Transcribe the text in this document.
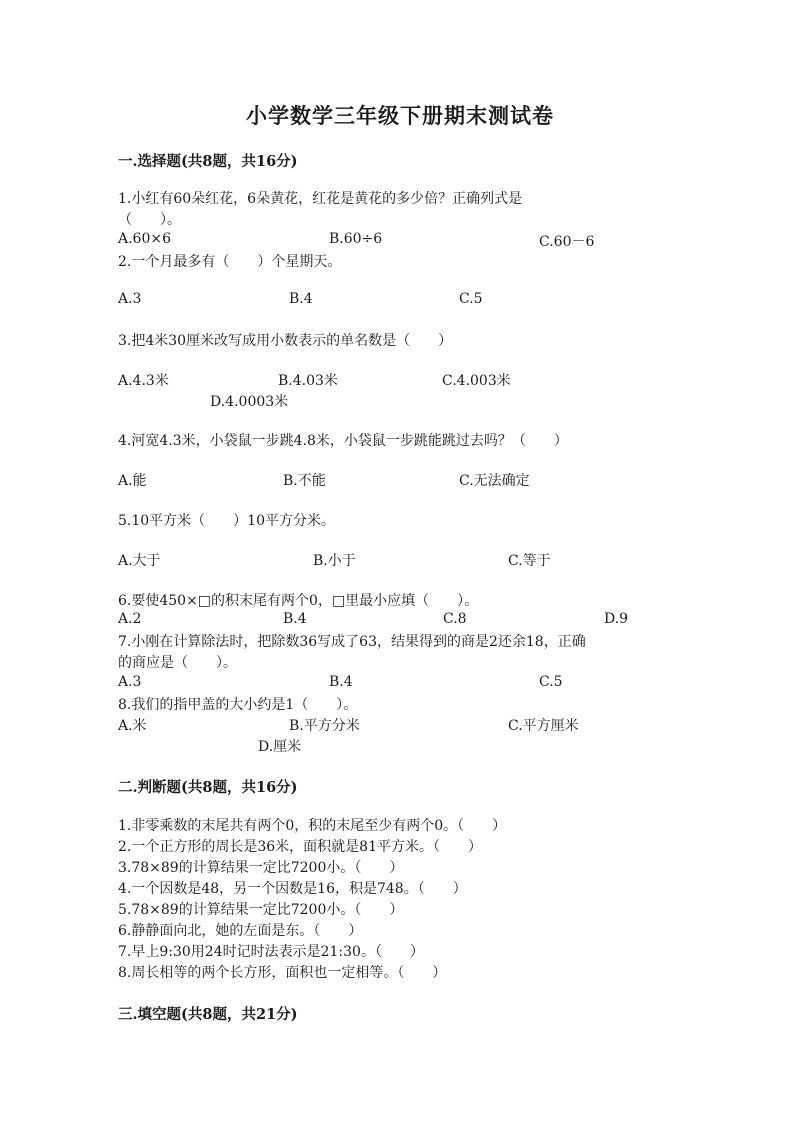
小学数学三年级下册期末测试卷
一.选择题(共8题，共16分)
1.小红有60朵红花，6朵黄花，红花是黄花的多少倍？正确列式是
（　　）。
A.60×6	B.60÷6	C.60－6
2.一个月最多有（　　）个星期天。
A.3	B.4	C.5
3.把4米30厘米改写成用小数表示的单名数是（　　）
A.4.3米	B.4.03米	C.4.003米
D.4.0003米
4.河宽4.3米，小袋鼠一步跳4.8米，小袋鼠一步跳能跳过去吗？（　　）
A.能	B.不能	C.无法确定
5.10平方米（　　）10平方分米。
A.大于	B.小于	C.等于
6.要使450×□的积末尾有两个0，□里最小应填（　　）。
A.2	B.4	C.8	D.9
7.小刚在计算除法时，把除数36写成了63，结果得到的商是2还余18，正确
的商应是（　　）。
A.3	B.4	C.5
8.我们的指甲盖的大小约是1（　　）。
A.米	B.平方分米	C.平方厘米
D.厘米
二.判断题(共8题，共16分)
1.非零乘数的末尾共有两个0，积的末尾至少有两个0。（　　）
2.一个正方形的周长是36米，面积就是81平方米。（　　）
3.78×89的计算结果一定比7200小。（　　）
4.一个因数是48，另一个因数是16，积是748。（　　）
5.78×89的计算结果一定比7200小。（　　）
6.静静面向北，她的左面是东。（　　）
7.早上9:30用24时记时法表示是21:30。（　　）
8.周长相等的两个长方形，面积也一定相等。（　　）
三.填空题(共8题，共21分)
